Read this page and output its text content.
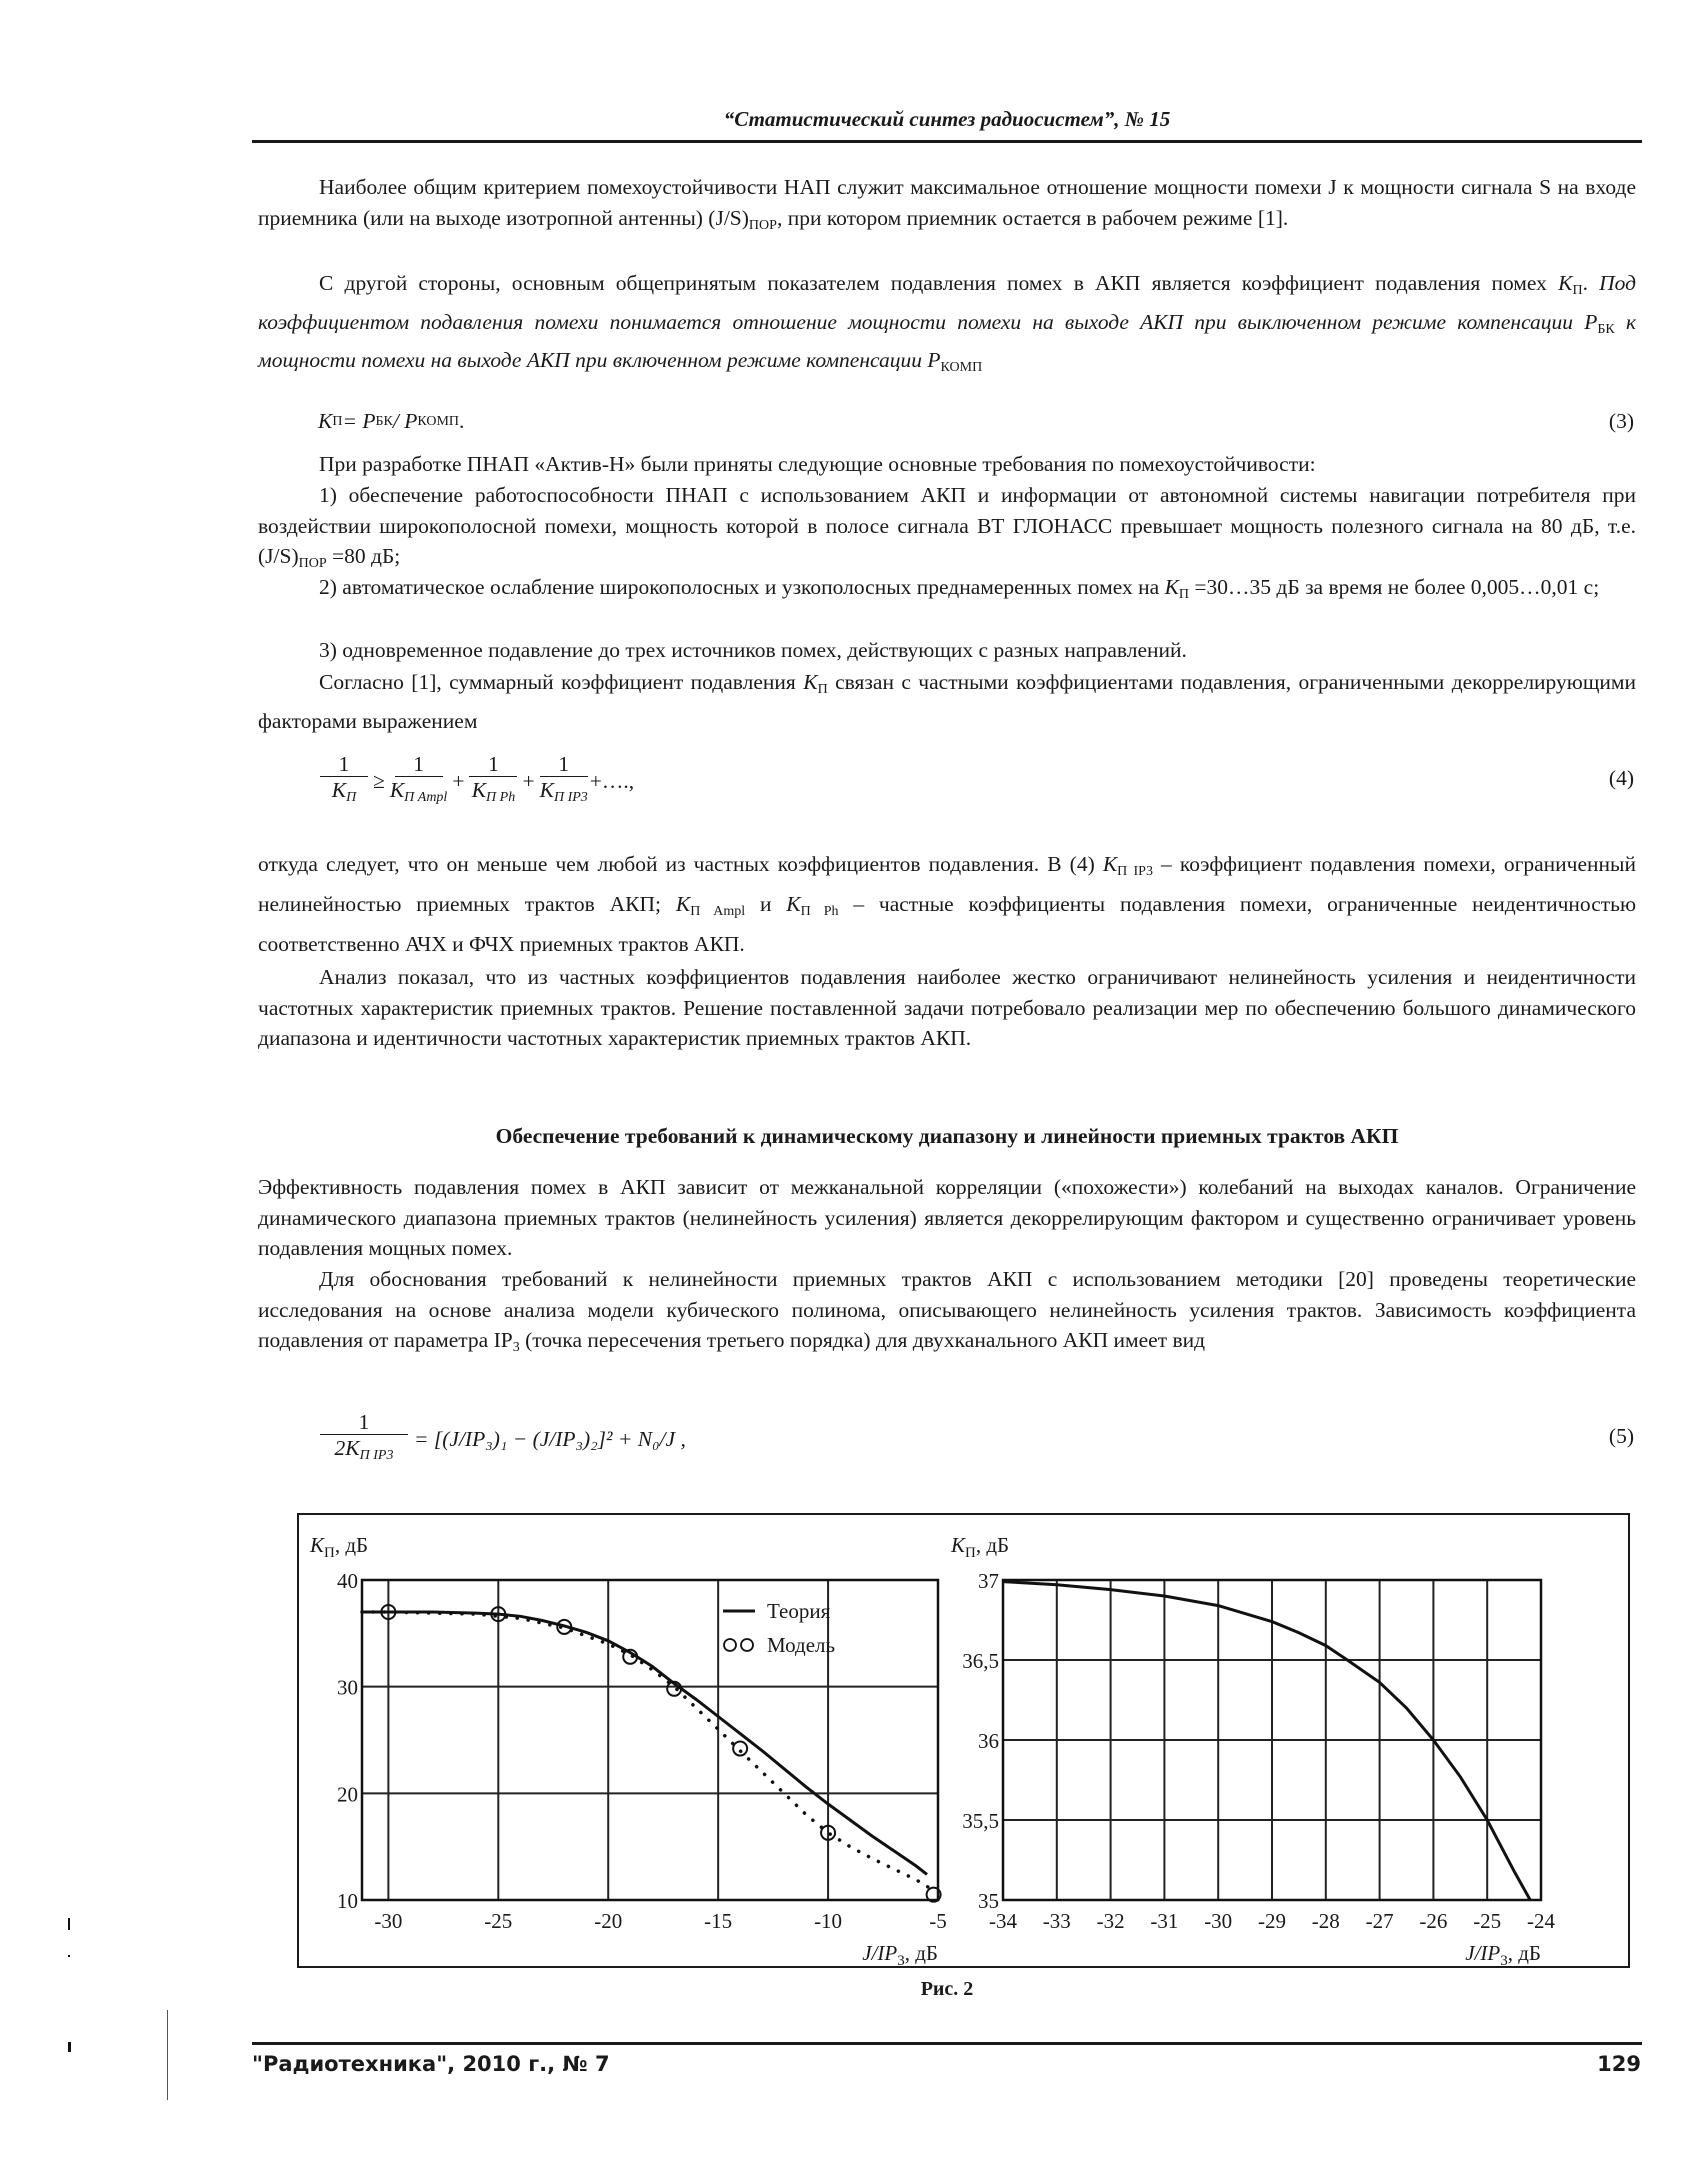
“Статистический синтез радиосистем”, № 15
Наиболее общим критерием помехоустойчивости НАП служит максимальное отношение мощности помехи J к мощности сигнала S на входе приемника (или на выходе изотропной антенны) $(J/S)_{ПОР}$, при котором приемник остается в рабочем режиме [1].
С другой стороны, основным общепринятым показателем подавления помех в АКП является коэффициент подавления помех $K_П$. Под коэффициентом подавления помехи понимается отношение мощности помехи на выходе АКП при выключенном режиме компенсации $P_{БК}$ к мощности помехи на выходе АКП при включенном режиме компенсации $P_{КОМП}$
K П = P БК / P КОМП .	(3)
При разработке ПНАП «Актив-Н» были приняты следующие основные требования по помехоустойчивости:
1) обеспечение работоспособности ПНАП с использованием АКП и информации от автономной системы навигации потребителя при воздействии широкополосной помехи, мощность которой в полосе сигнала ВТ ГЛОНАСС превышает мощность полезного сигнала на 80 дБ, т.е. $(J/S)_{ПОР} =80$ дБ;
2) автоматическое ослабление широкополосных и узкополосных преднамеренных помех на $K_П$ =30…35 дБ за время не более 0,005…0,01 с;
3) одновременное подавление до трех источников помех, действующих с разных направлений.
Согласно [1], суммарный коэффициент подавления $K_П$ связан с частными коэффициентами подавления, ограниченными декоррелирующими факторами выражением
$\frac{1}{K_П} \ge \frac{1}{K_{П Ampl}} + \frac{1}{K_{П Ph}} + \frac{1}{K_{П IP3}}$ +….,	(4)
откуда следует, что он меньше чем любой из частных коэффициентов подавления. В (4) $K_{П IP3}$ – коэффициент подавления помехи, ограниченный нелинейностью приемных трактов АКП; $K_{П Ampl}$ и $K_{П Ph}$ – частные коэффициенты подавления помехи, ограниченные неидентичностью соответственно АЧХ и ФЧХ приемных трактов АКП.
Анализ показал, что из частных коэффициентов подавления наиболее жестко ограничивают нелинейность усиления и неидентичности частотных характеристик приемных трактов. Решение поставленной задачи потребовало реализации мер по обеспечению большого динамического диапазона и идентичности частотных характеристик приемных трактов АКП.
Обеспечение требований к динамическому диапазону и линейности приемных трактов АКП
Эффективность подавления помех в АКП зависит от межканальной корреляции («похожести») колебаний на выходах каналов. Ограничение динамического диапазона приемных трактов (нелинейность усиления) является декоррелирующим фактором и существенно ограничивает уровень подавления мощных помех.
Для обоснования требований к нелинейности приемных трактов АКП с использованием методики [20] проведены теоретические исследования на основе анализа модели кубического полинома, описывающего нелинейность усиления трактов. Зависимость коэффициента подавления от параметра $IP_3$ (точка пересечения третьего порядка) для двухканального АКП имеет вид
$\frac{1}{2K_{П IP3}} = [(J/IP_3)_1 - (J/IP_3)_2]^2 + N_0/J$ ,	(5)
-30	-25	-20	-15	-10	-5
10
20
30
40
$K_П$, дБ
$J/IP_3$, дБ
Теория
Модель
-34 -33 -32 -31 -30 -29 -28 -27 -26 -25 -24
35
35,5
36
36,5
37
$K_П$, дБ
$J/IP_3$, дБ
Рис. 2
"Радиотехника", 2010 г., № 7	129
